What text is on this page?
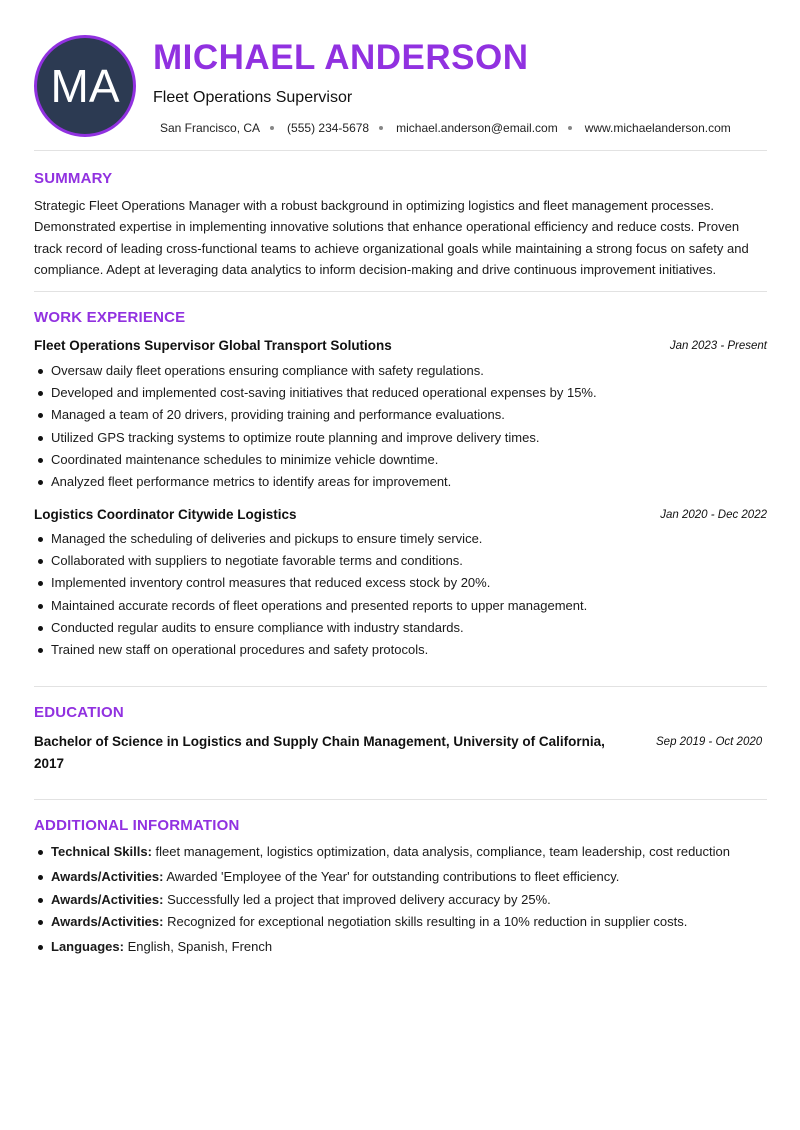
MA
MICHAEL ANDERSON
Fleet Operations Supervisor
San Francisco, CA (555) 234-5678 michael.anderson@email.com www.michaelanderson.com
SUMMARY
Strategic Fleet Operations Manager with a robust background in optimizing logistics and fleet management processes. Demonstrated expertise in implementing innovative solutions that enhance operational efficiency and reduce costs. Proven track record of leading cross-functional teams to achieve organizational goals while maintaining a strong focus on safety and compliance. Adept at leveraging data analytics to inform decision-making and drive continuous improvement initiatives.
WORK EXPERIENCE
Fleet Operations Supervisor Global Transport Solutions	Jan 2023 - Present
Oversaw daily fleet operations ensuring compliance with safety regulations.
Developed and implemented cost-saving initiatives that reduced operational expenses by 15%.
Managed a team of 20 drivers, providing training and performance evaluations.
Utilized GPS tracking systems to optimize route planning and improve delivery times.
Coordinated maintenance schedules to minimize vehicle downtime.
Analyzed fleet performance metrics to identify areas for improvement.
Logistics Coordinator Citywide Logistics	Jan 2020 - Dec 2022
Managed the scheduling of deliveries and pickups to ensure timely service.
Collaborated with suppliers to negotiate favorable terms and conditions.
Implemented inventory control measures that reduced excess stock by 20%.
Maintained accurate records of fleet operations and presented reports to upper management.
Conducted regular audits to ensure compliance with industry standards.
Trained new staff on operational procedures and safety protocols.
EDUCATION
Bachelor of Science in Logistics and Supply Chain Management, University of California, 2017
Sep 2019 - Oct 2020
ADDITIONAL INFORMATION
Technical Skills: fleet management, logistics optimization, data analysis, compliance, team leadership, cost reduction
Awards/Activities: Awarded 'Employee of the Year' for outstanding contributions to fleet efficiency.
Awards/Activities: Successfully led a project that improved delivery accuracy by 25%.
Awards/Activities: Recognized for exceptional negotiation skills resulting in a 10% reduction in supplier costs.
Languages: English, Spanish, French
